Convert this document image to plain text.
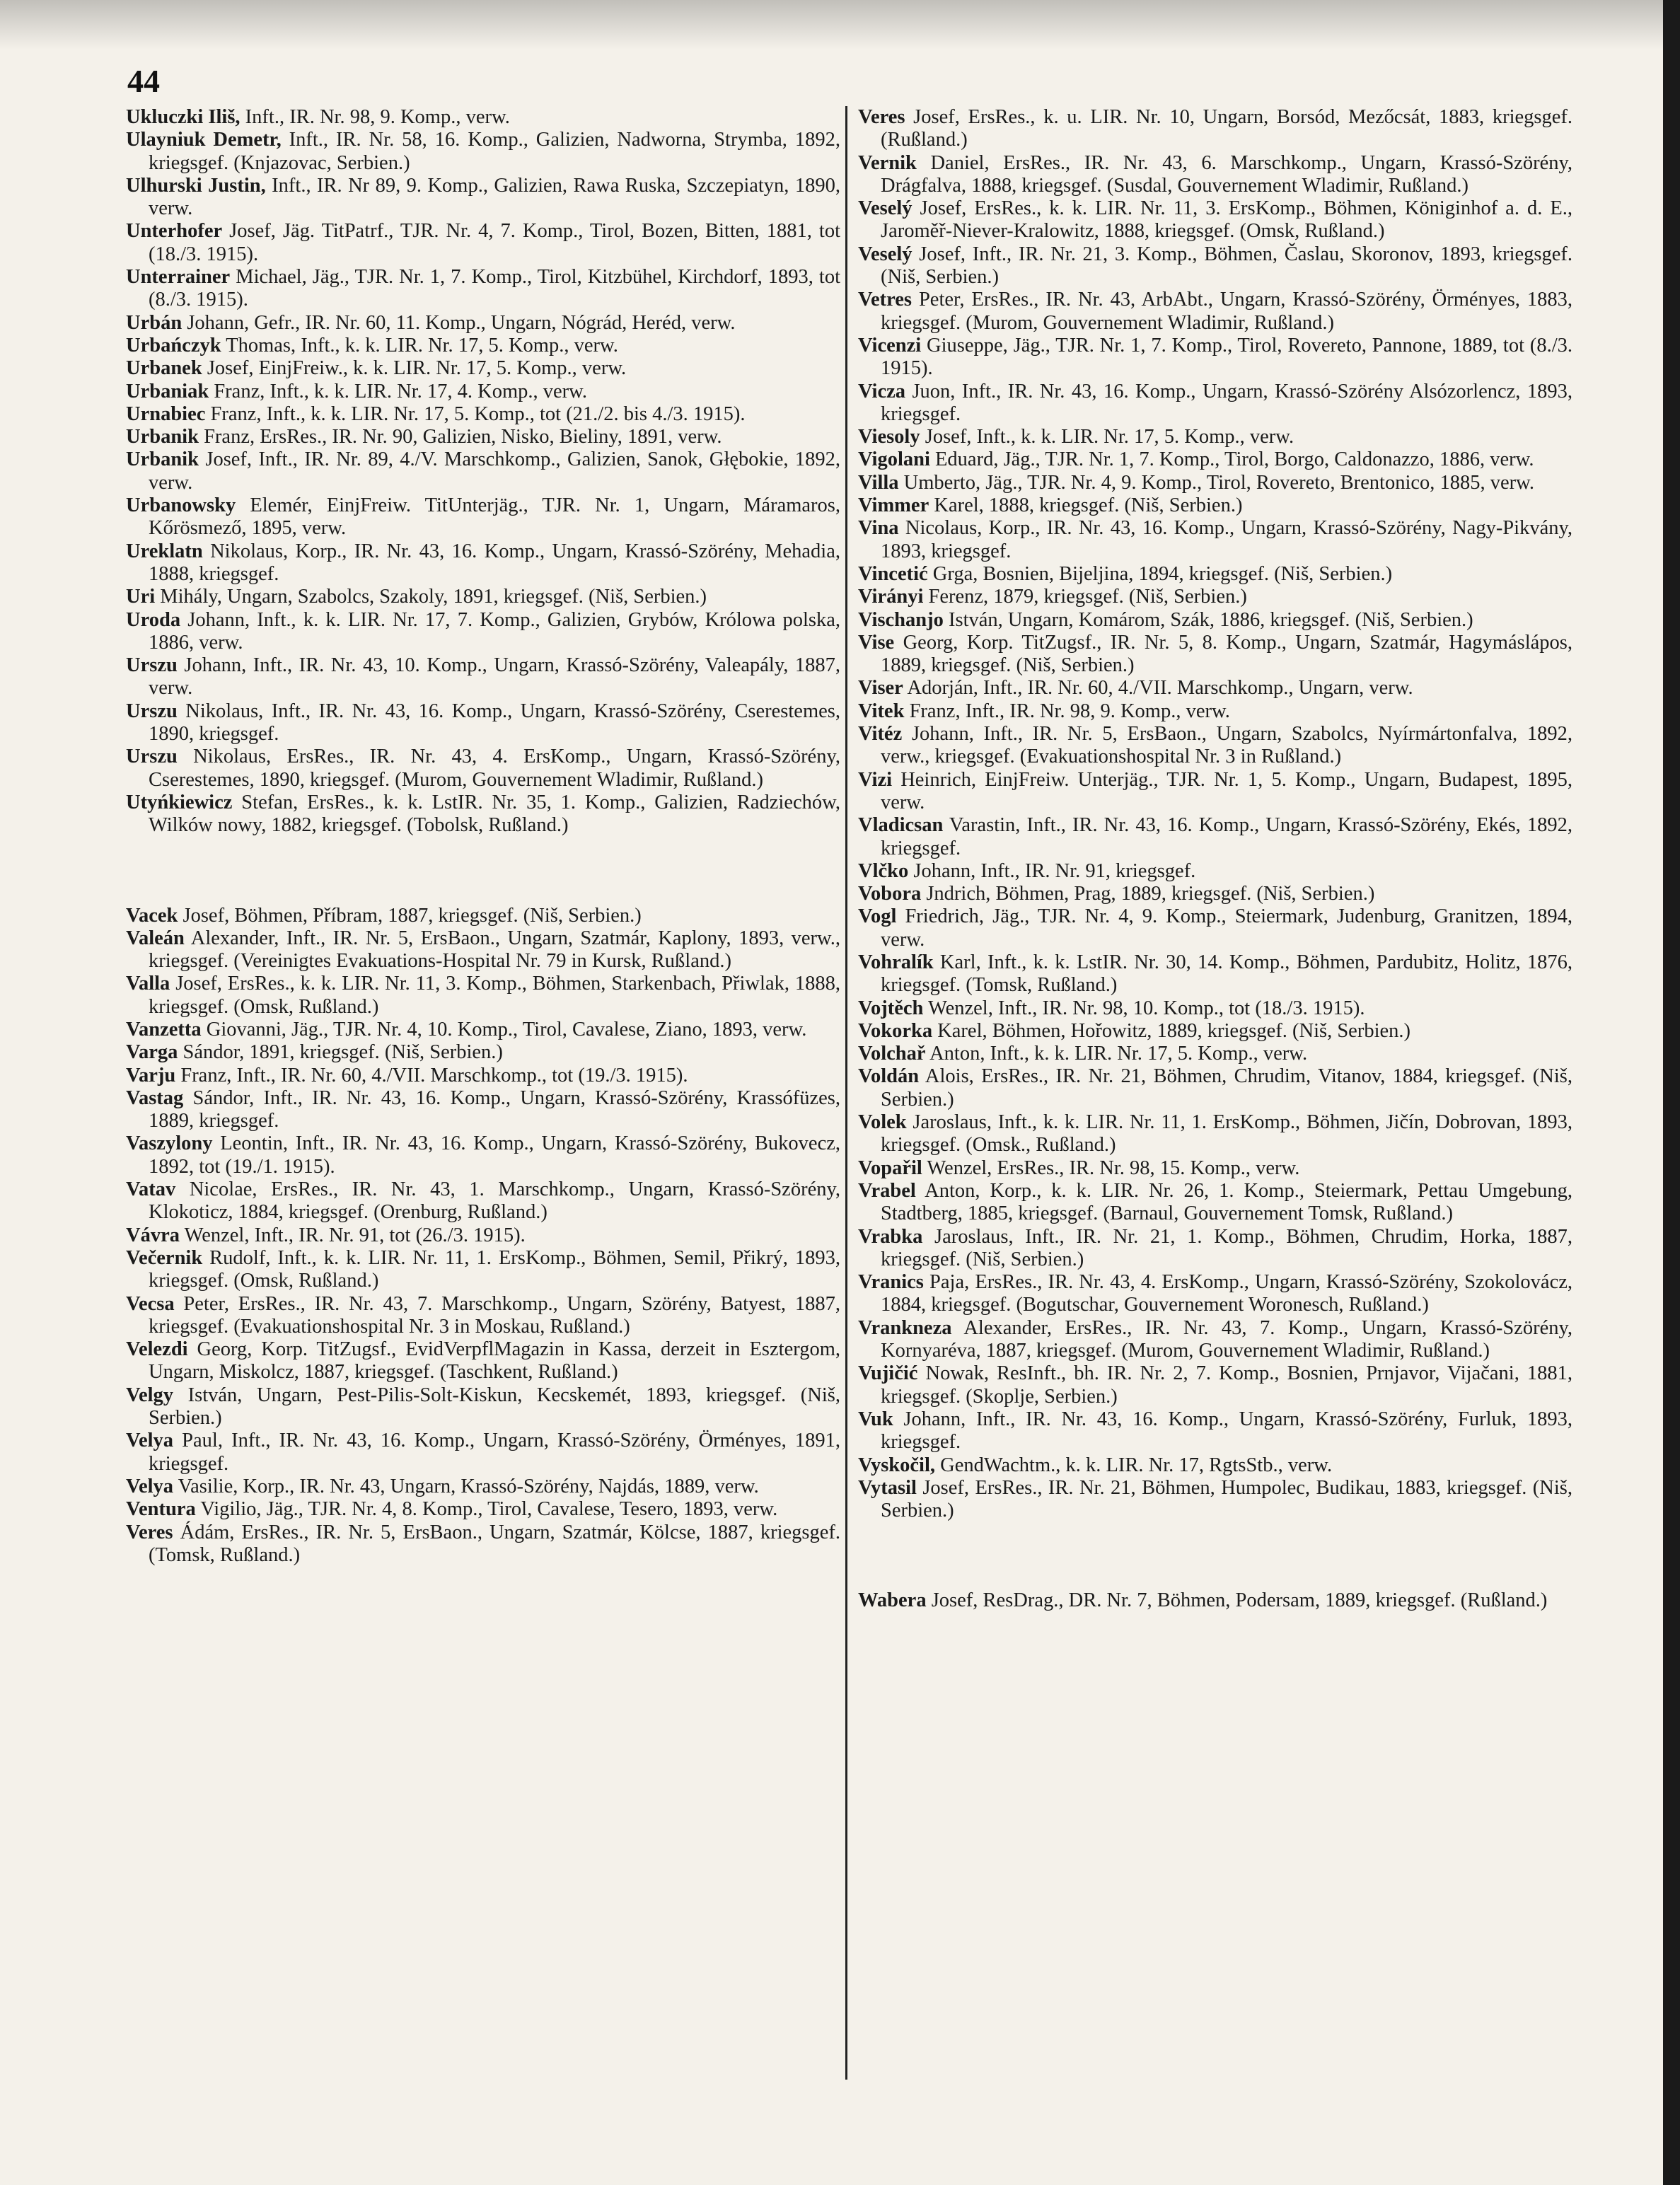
44
Ukluczki Iliš, Inft., IR. Nr. 98, 9. Komp., verw.
Ulayniuk Demetr, Inft., IR. Nr. 58, 16. Komp., Galizien, Nadworna, Strymba, 1892, kriegsgef. (Knjazovac, Serbien.)
Ulhurski Justin, Inft., IR. Nr 89, 9. Komp., Galizien, Rawa Ruska, Szczepiatyn, 1890, verw.
Unterhofer Josef, Jäg. TitPatrf., TJR. Nr. 4, 7. Komp., Tirol, Bozen, Bitten, 1881, tot (18./3. 1915).
Unterrainer Michael, Jäg., TJR. Nr. 1, 7. Komp., Tirol, Kitzbühel, Kirchdorf, 1893, tot (8./3. 1915).
Urbán Johann, Gefr., IR. Nr. 60, 11. Komp., Ungarn, Nógrád, Heréd, verw.
Urbańczyk Thomas, Inft., k. k. LIR. Nr. 17, 5. Komp., verw.
Urbanek Josef, EinjFreiw., k. k. LIR. Nr. 17, 5. Komp., verw.
Urbaniak Franz, Inft., k. k. LIR. Nr. 17, 4. Komp., verw.
Urnabiec Franz, Inft., k. k. LIR. Nr. 17, 5. Komp., tot (21./2. bis 4./3. 1915).
Urbanik Franz, ErsRes., IR. Nr. 90, Galizien, Nisko, Bieliny, 1891, verw.
Urbanik Josef, Inft., IR. Nr. 89, 4./V. Marschkomp., Galizien, Sanok, Głębokie, 1892, verw.
Urbanowsky Elemér, EinjFreiw. TitUnterjäg., TJR. Nr. 1, Ungarn, Máramaros, Kőrösmező, 1895, verw.
Ureklatn Nikolaus, Korp., IR. Nr. 43, 16. Komp., Ungarn, Krassó-Szörény, Mehadia, 1888, kriegsgef.
Uri Mihály, Ungarn, Szabolcs, Szakoly, 1891, kriegsgef. (Niš, Serbien.)
Uroda Johann, Inft., k. k. LIR. Nr. 17, 7. Komp., Galizien, Grybów, Królowa polska, 1886, verw.
Urszu Johann, Inft., IR. Nr. 43, 10. Komp., Ungarn, Krassó-Szörény, Valeapály, 1887, verw.
Urszu Nikolaus, Inft., IR. Nr. 43, 16. Komp., Ungarn, Krassó-Szörény, Cserestemes, 1890, kriegsgef.
Urszu Nikolaus, ErsRes., IR. Nr. 43, 4. ErsKomp., Ungarn, Krassó-Szörény, Cserestemes, 1890, kriegsgef. (Murom, Gouvernement Wladimir, Rußland.)
Utyńkiewicz Stefan, ErsRes., k. k. LstIR. Nr. 35, 1. Komp., Galizien, Radziechów, Wilków nowy, 1882, kriegsgef. (Tobolsk, Rußland.)
Vacek Josef, Böhmen, Příbram, 1887, kriegsgef. (Niš, Serbien.)
Valeán Alexander, Inft., IR. Nr. 5, ErsBaon., Ungarn, Szatmár, Kaplony, 1893, verw., kriegsgef. (Vereinigtes Evakuations-Hospital Nr. 79 in Kursk, Rußland.)
Valla Josef, ErsRes., k. k. LIR. Nr. 11, 3. Komp., Böhmen, Starkenbach, Přiwlak, 1888, kriegsgef. (Omsk, Rußland.)
Vanzetta Giovanni, Jäg., TJR. Nr. 4, 10. Komp., Tirol, Cavalese, Ziano, 1893, verw.
Varga Sándor, 1891, kriegsgef. (Niš, Serbien.)
Varju Franz, Inft., IR. Nr. 60, 4./VII. Marschkomp., tot (19./3. 1915).
Vastag Sándor, Inft., IR. Nr. 43, 16. Komp., Ungarn, Krassó-Szörény, Krassófüzes, 1889, kriegsgef.
Vaszylony Leontin, Inft., IR. Nr. 43, 16. Komp., Ungarn, Krassó-Szörény, Bukovecz, 1892, tot (19./1. 1915).
Vatav Nicolae, ErsRes., IR. Nr. 43, 1. Marschkomp., Ungarn, Krassó-Szörény, Klokoticz, 1884, kriegsgef. (Orenburg, Rußland.)
Vávra Wenzel, Inft., IR. Nr. 91, tot (26./3. 1915).
Večernik Rudolf, Inft., k. k. LIR. Nr. 11, 1. ErsKomp., Böhmen, Semil, Přikrý, 1893, kriegsgef. (Omsk, Rußland.)
Vecsa Peter, ErsRes., IR. Nr. 43, 7. Marschkomp., Ungarn, Szörény, Batyest, 1887, kriegsgef. (Evakuationshospital Nr. 3 in Moskau, Rußland.)
Velezdi Georg, Korp. TitZugsf., EvidVerpflMagazin in Kassa, derzeit in Esztergom, Ungarn, Miskolcz, 1887, kriegsgef. (Taschkent, Rußland.)
Velgy István, Ungarn, Pest-Pilis-Solt-Kiskun, Kecskemét, 1893, kriegsgef. (Niš, Serbien.)
Velya Paul, Inft., IR. Nr. 43, 16. Komp., Ungarn, Krassó-Szörény, Örményes, 1891, kriegsgef.
Velya Vasilie, Korp., IR. Nr. 43, Ungarn, Krassó-Szörény, Najdás, 1889, verw.
Ventura Vigilio, Jäg., TJR. Nr. 4, 8. Komp., Tirol, Cavalese, Tesero, 1893, verw.
Veres Ádám, ErsRes., IR. Nr. 5, ErsBaon., Ungarn, Szatmár, Kölcse, 1887, kriegsgef. (Tomsk, Rußland.)
Veres Josef, ErsRes., k. u. LIR. Nr. 10, Ungarn, Borsód, Mezőcsát, 1883, kriegsgef. (Rußland.)
Vernik Daniel, ErsRes., IR. Nr. 43, 6. Marschkomp., Ungarn, Krassó-Szörény, Drágfalva, 1888, kriegsgef. (Susdal, Gouvernement Wladimir, Rußland.)
Veselý Josef, ErsRes., k. k. LIR. Nr. 11, 3. ErsKomp., Böhmen, Königinhof a. d. E., Jaroměř-Niever-Kralowitz, 1888, kriegsgef. (Omsk, Rußland.)
Veselý Josef, Inft., IR. Nr. 21, 3. Komp., Böhmen, Časlau, Skoronov, 1893, kriegsgef. (Niš, Serbien.)
Vetres Peter, ErsRes., IR. Nr. 43, ArbAbt., Ungarn, Krassó-Szörény, Örményes, 1883, kriegsgef. (Murom, Gouvernement Wladimir, Rußland.)
Vicenzi Giuseppe, Jäg., TJR. Nr. 1, 7. Komp., Tirol, Rovereto, Pannone, 1889, tot (8./3. 1915).
Vicza Juon, Inft., IR. Nr. 43, 16. Komp., Ungarn, Krassó-Szörény Alsózorlencz, 1893, kriegsgef.
Viesoly Josef, Inft., k. k. LIR. Nr. 17, 5. Komp., verw.
Vigolani Eduard, Jäg., TJR. Nr. 1, 7. Komp., Tirol, Borgo, Caldonazzo, 1886, verw.
Villa Umberto, Jäg., TJR. Nr. 4, 9. Komp., Tirol, Rovereto, Brentonico, 1885, verw.
Vimmer Karel, 1888, kriegsgef. (Niš, Serbien.)
Vina Nicolaus, Korp., IR. Nr. 43, 16. Komp., Ungarn, Krassó-Szörény, Nagy-Pikvány, 1893, kriegsgef.
Vincetić Grga, Bosnien, Bijeljina, 1894, kriegsgef. (Niš, Serbien.)
Virányi Ferenz, 1879, kriegsgef. (Niš, Serbien.)
Vischanjo István, Ungarn, Komárom, Szák, 1886, kriegsgef. (Niš, Serbien.)
Vise Georg, Korp. TitZugsf., IR. Nr. 5, 8. Komp., Ungarn, Szatmár, Hagymáslápos, 1889, kriegsgef. (Niš, Serbien.)
Viser Adorján, Inft., IR. Nr. 60, 4./VII. Marschkomp., Ungarn, verw.
Vitek Franz, Inft., IR. Nr. 98, 9. Komp., verw.
Vitéz Johann, Inft., IR. Nr. 5, ErsBaon., Ungarn, Szabolcs, Nyírmártonfalva, 1892, verw., kriegsgef. (Evakuationshospital Nr. 3 in Rußland.)
Vizi Heinrich, EinjFreiw. Unterjäg., TJR. Nr. 1, 5. Komp., Ungarn, Budapest, 1895, verw.
Vladicsan Varastin, Inft., IR. Nr. 43, 16. Komp., Ungarn, Krassó-Szörény, Ekés, 1892, kriegsgef.
Vlčko Johann, Inft., IR. Nr. 91, kriegsgef.
Vobora Jndrich, Böhmen, Prag, 1889, kriegsgef. (Niš, Serbien.)
Vogl Friedrich, Jäg., TJR. Nr. 4, 9. Komp., Steiermark, Judenburg, Granitzen, 1894, verw.
Vohralík Karl, Inft., k. k. LstIR. Nr. 30, 14. Komp., Böhmen, Pardubitz, Holitz, 1876, kriegsgef. (Tomsk, Rußland.)
Vojtěch Wenzel, Inft., IR. Nr. 98, 10. Komp., tot (18./3. 1915).
Vokorka Karel, Böhmen, Hořowitz, 1889, kriegsgef. (Niš, Serbien.)
Volchař Anton, Inft., k. k. LIR. Nr. 17, 5. Komp., verw.
Voldán Alois, ErsRes., IR. Nr. 21, Böhmen, Chrudim, Vitanov, 1884, kriegsgef. (Niš, Serbien.)
Volek Jaroslaus, Inft., k. k. LIR. Nr. 11, 1. ErsKomp., Böhmen, Jičín, Dobrovan, 1893, kriegsgef. (Omsk., Rußland.)
Vopařil Wenzel, ErsRes., IR. Nr. 98, 15. Komp., verw.
Vrabel Anton, Korp., k. k. LIR. Nr. 26, 1. Komp., Steiermark, Pettau Umgebung, Stadtberg, 1885, kriegsgef. (Barnaul, Gouvernement Tomsk, Rußland.)
Vrabka Jaroslaus, Inft., IR. Nr. 21, 1. Komp., Böhmen, Chrudim, Horka, 1887, kriegsgef. (Niš, Serbien.)
Vranics Paja, ErsRes., IR. Nr. 43, 4. ErsKomp., Ungarn, Krassó-Szörény, Szokolovácz, 1884, kriegsgef. (Bogutschar, Gouvernement Woronesch, Rußland.)
Vrankneza Alexander, ErsRes., IR. Nr. 43, 7. Komp., Ungarn, Krassó-Szörény, Kornyaréva, 1887, kriegsgef. (Murom, Gouvernement Wladimir, Rußland.)
Vujičić Nowak, ResInft., bh. IR. Nr. 2, 7. Komp., Bosnien, Prnjavor, Vijačani, 1881, kriegsgef. (Skoplje, Serbien.)
Vuk Johann, Inft., IR. Nr. 43, 16. Komp., Ungarn, Krassó-Szörény, Furluk, 1893, kriegsgef.
Vyskočil, GendWachtm., k. k. LIR. Nr. 17, RgtsStb., verw.
Vytasil Josef, ErsRes., IR. Nr. 21, Böhmen, Humpolec, Budikau, 1883, kriegsgef. (Niš, Serbien.)
Wabera Josef, ResDrag., DR. Nr. 7, Böhmen, Podersam, 1889, kriegsgef. (Rußland.)
